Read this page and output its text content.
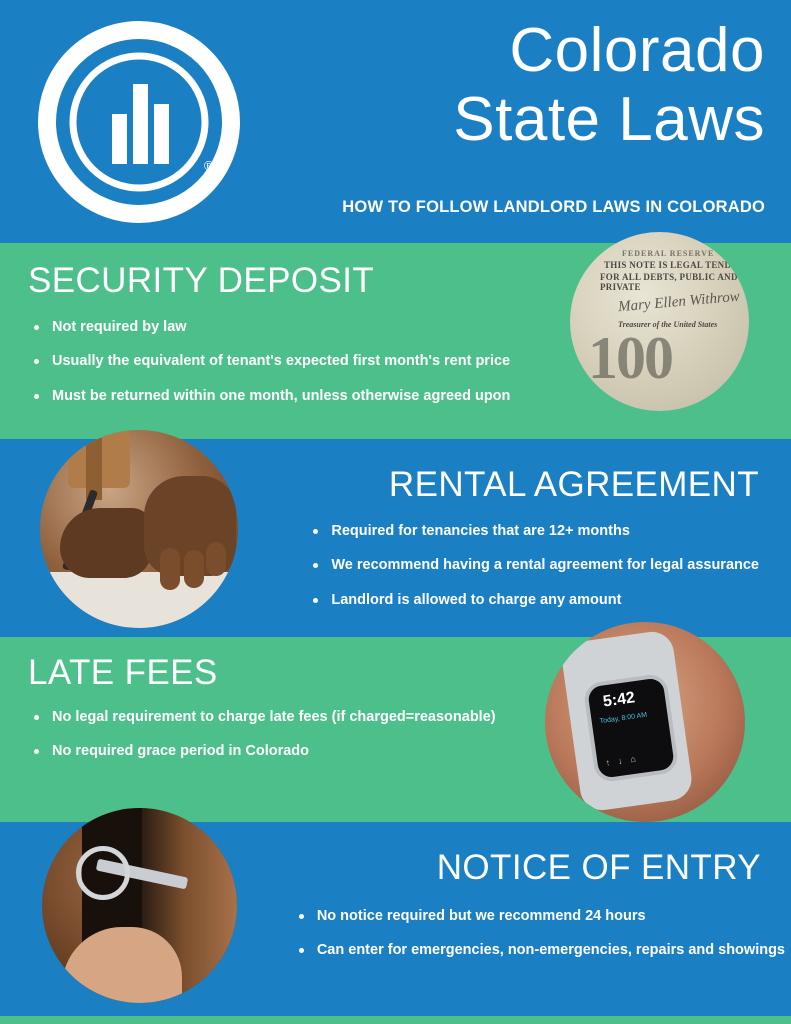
®
Colorado
State Laws
HOW TO FOLLOW LANDLORD LAWS IN COLORADO
SECURITY DEPOSIT
Not required by law
Usually the equivalent of tenant's expected first month's rent price
Must be returned within one month, unless otherwise agreed upon
100
FEDERAL RESERVE
THIS NOTE IS LEGAL TENDER
FOR ALL DEBTS, PUBLIC AND PRIVATE
Mary Ellen Withrow
Treasurer of the United States
RENTAL AGREEMENT
Required for tenancies that are 12+ months
We recommend having a rental agreement for legal assurance
Landlord is allowed to charge any amount
LATE FEES
No legal requirement to charge late fees (if charged=reasonable)
No required grace period in Colorado
5:42
Today, 8:00 AM
↑↓⌂
NOTICE OF ENTRY
No notice required but we recommend 24 hours
Can enter for emergencies, non-emergencies, repairs and showings
